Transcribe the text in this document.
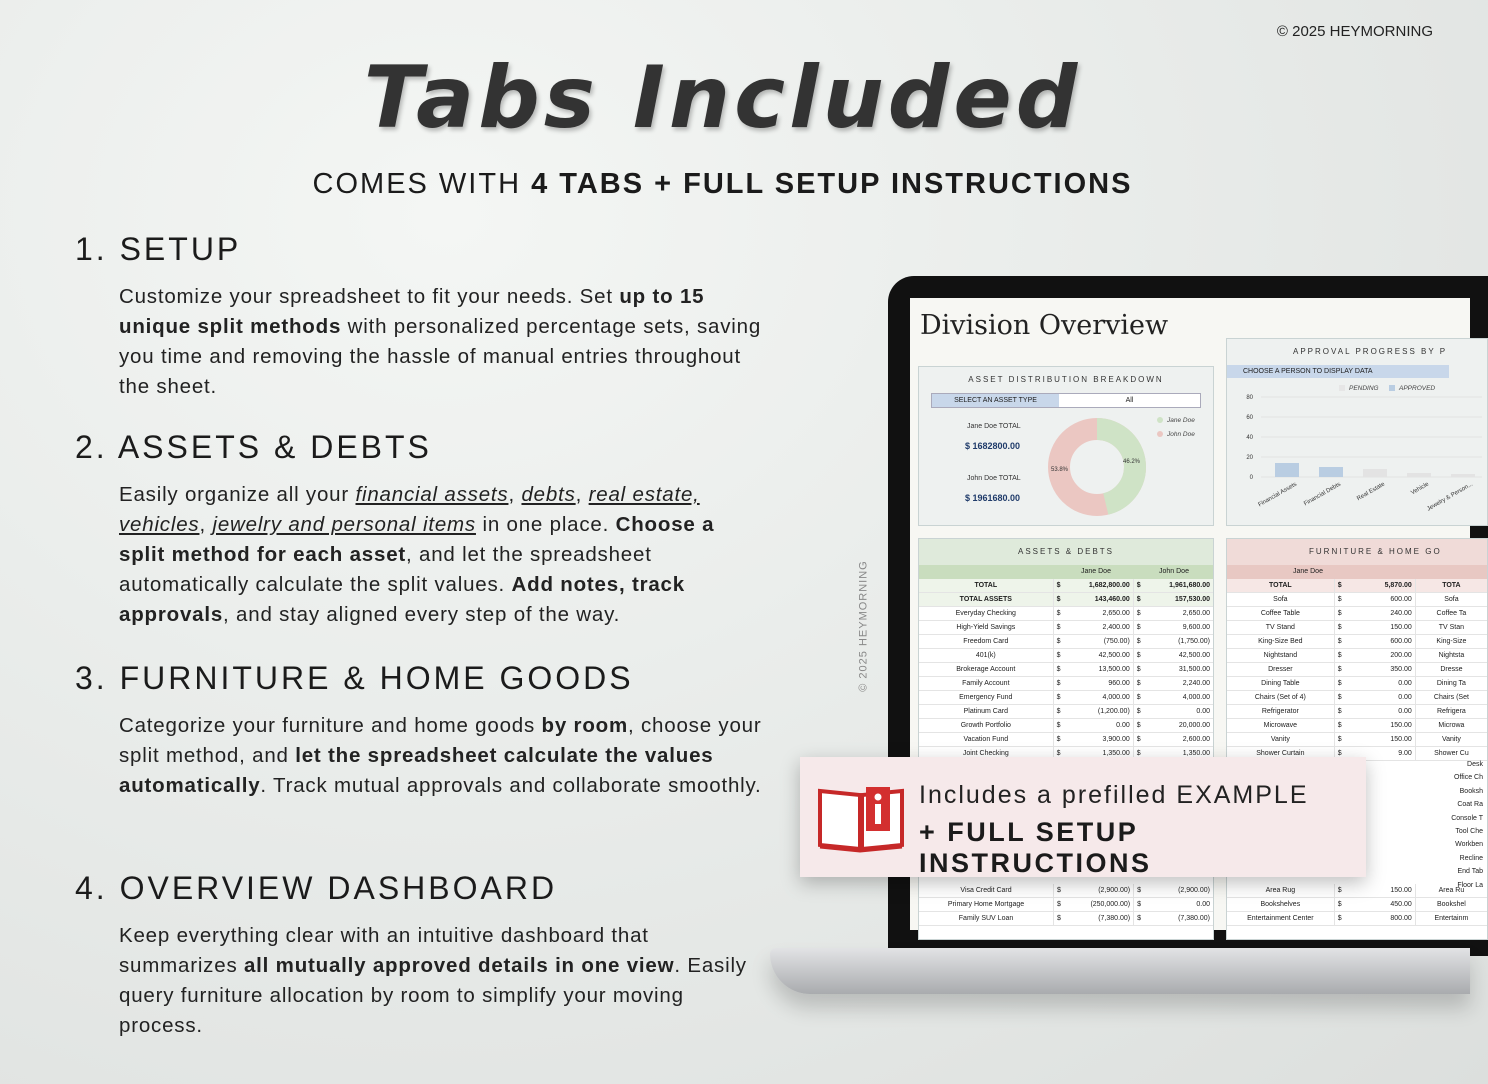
© 2025 HEYMORNING
Tabs Included
COMES WITH 4 TABS + FULL SETUP INSTRUCTIONS
1. SETUP

Customize your spreadsheet to fit your needs. Set up to 15 unique split methods with personalized percentage sets, saving you time and removing the hassle of manual entries throughout the sheet.

2. ASSETS & DEBTS

Easily organize all your financial assets, debts, real estate, vehicles, jewelry and personal items in one place. Choose a split method for each asset, and let the spreadsheet automatically calculate the split values. Add notes, track approvals, and stay aligned every step of the way.

3. FURNITURE & HOME GOODS

Categorize your furniture and home goods by room, choose your split method, and let the spreadsheet calculate the values automatically. Track mutual approvals and collaborate smoothly.

4. OVERVIEW DASHBOARD

Keep everything clear with an intuitive dashboard that summarizes all mutually approved details in one view. Easily query furniture allocation by room to simplify your moving process.

© 2025 HEYMORNING
Division Overview
ASSET DISTRIBUTION BREAKDOWN
SELECT AN ASSET TYPE	All
Jane Doe TOTAL
$ 1682800.00
John Doe TOTAL
$ 1961680.00
53.8%
46.2%
Jane Doe
John Doe
APPROVAL PROGRESS BY P
CHOOSE A PERSON TO DISPLAY DATA
PENDING	APPROVED
80
60
40
20
0
Financial Assets Financial Debts Real Estate	Vehicle
Jewelry & Person...
ASSETS & DEBTS
Jane Doe	John Doe
TOTAL	$	1,682,800.00	$	1,961,680.00
TOTAL ASSETS	$	143,460.00	$	157,530.00
Everyday Checking	$	2,650.00	$	2,650.00
High-Yield Savings	$	2,400.00	$	9,600.00
Freedom Card	$	(750.00)	$	(1,750.00)
401(k)	$	42,500.00	$	42,500.00
Brokerage Account	$	13,500.00	$	31,500.00
Family Account	$	960.00	$	2,240.00
Emergency Fund	$	4,000.00	$	4,000.00
Platinum Card	$	(1,200.00)	$	0.00
Growth Portfolio	$	0.00	$	20,000.00
Vacation Fund	$	3,900.00	$	2,600.00
Joint Checking	$	1,350.00	$	1,350.00
Visa Credit Card	$	(2,900.00)	$	(2,900.00)
Primary Home Mortgage	$	(250,000.00)	$	0.00
Family SUV Loan	$	(7,380.00)	$	(7,380.00)
FURNITURE & HOME GO
Jane Doe
TOTAL	$	5,870.00	TOTA
Sofa	$	600.00	Sofa
Coffee Table	$	240.00	Coffee Ta
TV Stand	$	150.00	TV Stan
King-Size Bed	$	600.00	King-Size
Nightstand	$	200.00	Nightsta
Dresser	$	350.00	Dresse
Dining Table	$	0.00	Dining Ta
Chairs (Set of 4)	$	0.00	Chairs (Set
Refrigerator	$	0.00	Refrigera
Microwave	$	150.00	Microwa
Vanity	$	150.00	Vanity
Shower Curtain	$	9.00	Shower Cu
Desk
Office Ch
Booksh
Coat Ra
Console T
Tool Che
Workben
Recline
End Tab
Floor La
Area Rug	$	150.00	Area Ru
Bookshelves	$	450.00	Bookshel
Entertainment Center	$	800.00	Entertainm
Includes a prefilled EXAMPLE
+ FULL SETUP INSTRUCTIONS
